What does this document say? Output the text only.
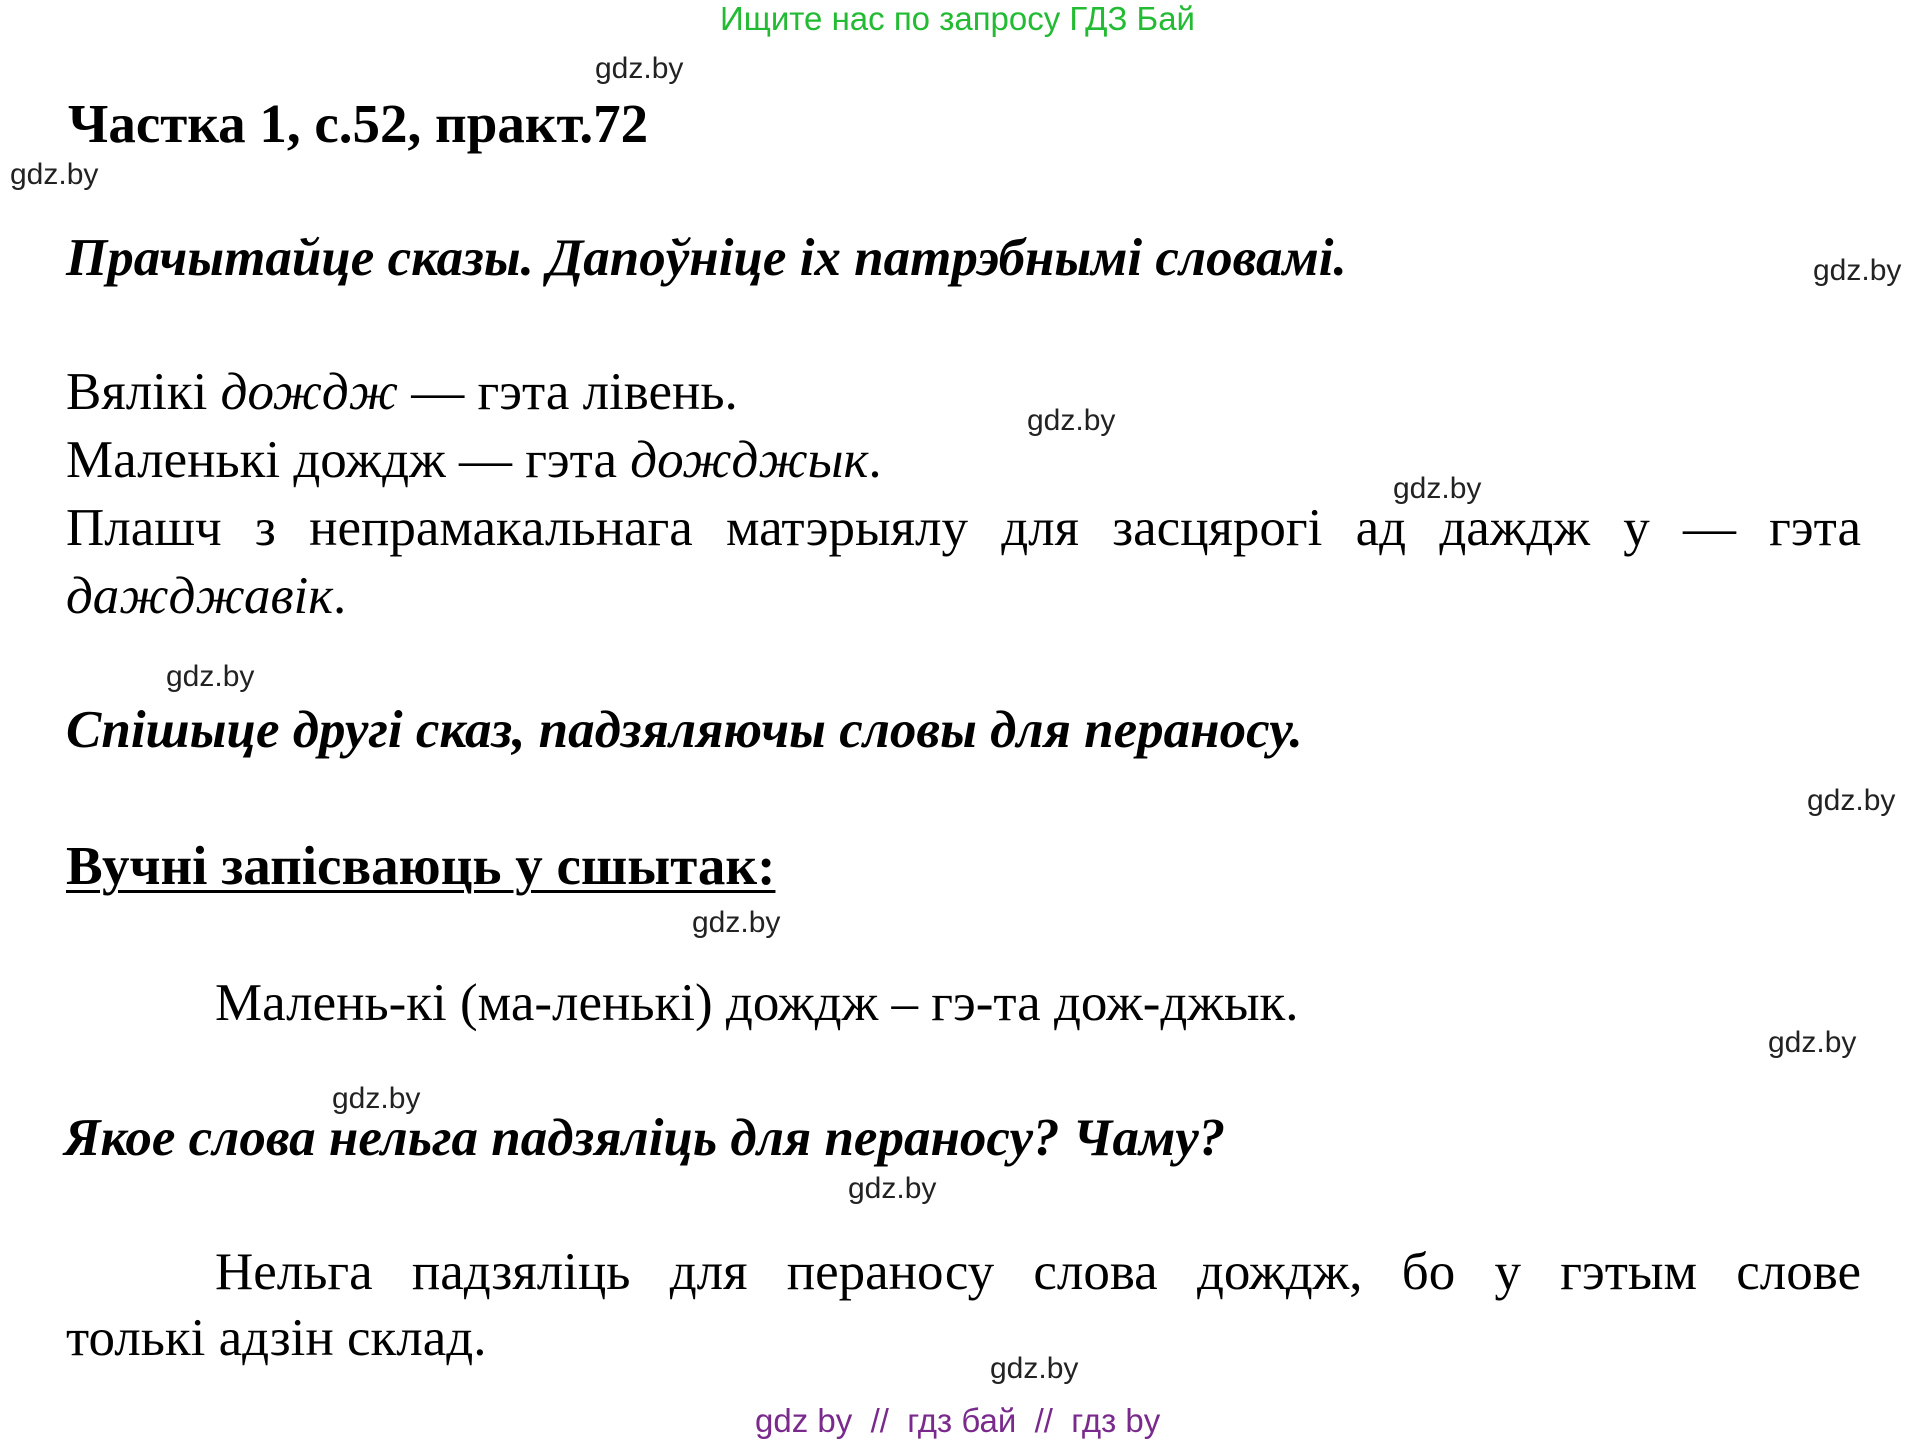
Ищите нас по запросу ГДЗ Бай
gdz.by
Частка 1, с.52, практ.72
gdz.by
Прачытайце сказы. Дапоўніце іх патрэбнымі словамі.	gdz.by
Вялікі дождж — гэта лівень.	gdz.by
Маленькі дождж — гэта дожджык.	gdz.by
Плашч з непрамакальнага матэрыялу для засцярогі ад даждж у — гэта
дажджавік.
gdz.by
Спішыце другі сказ, падзяляючы словы для пераносу.
gdz.by
Вучні запісваюць у сшытак:
gdz.by
Малень-кі (ма-ленькі) дождж – гэ-та дож-джык.
gdz.by
gdz.by
Якое слова нельга падзяліць для пераносу? Чаму?
gdz.by
Нельга падзяліць для пераносу слова дождж, бо у гэтым слове
толькі адзін склад.
gdz.by
gdz by  //  гдз бай  //  гдз by
